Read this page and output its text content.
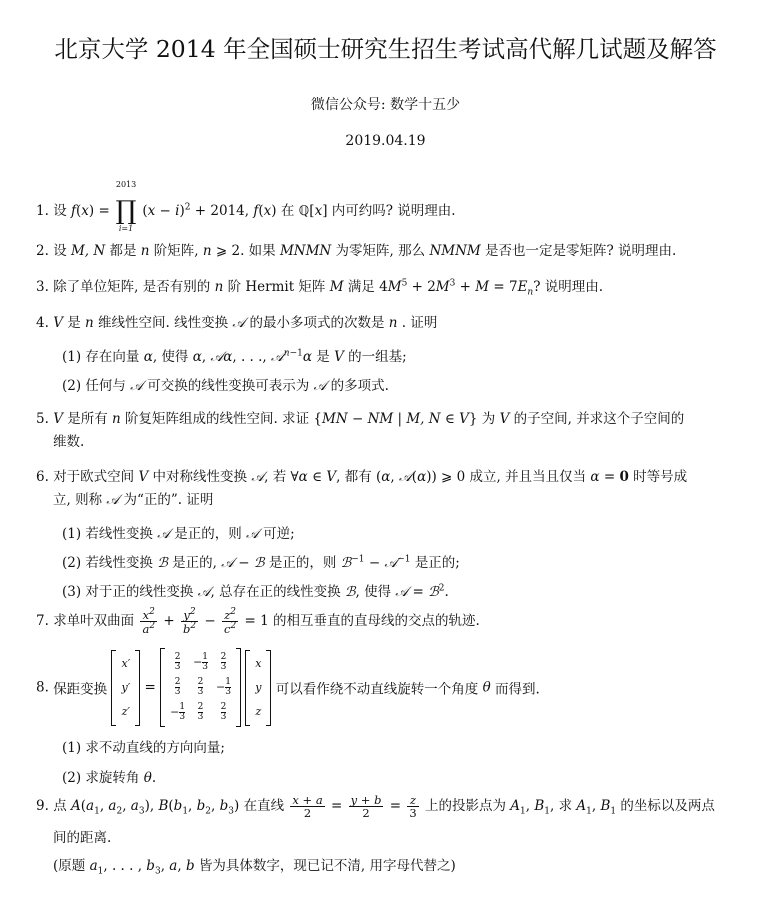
北京大学 2014 年全国硕士研究生招生考试高代解几试题及解答
微信公众号: 数学十五少
2019.04.19
1. 设 f(x) =
2013
∏
i=1
$(x - i)^2 + 2014$, f(x) 在 ℚ[x] 内可约吗? 说明理由.
2. 设 M, N 都是 n 阶矩阵, n ⩾ 2. 如果 MNMN 为零矩阵, 那么 NMNM 是否也一定是零矩阵? 说明理由.
3. 除了单位矩阵, 是否有别的 n 阶 Hermit 矩阵 M 满足 $4M^5 + 2M^3 + M = 7E_n$? 说明理由.
4. V 是 n 维线性空间. 线性变换 𝒜 的最小多项式的次数是 n . 证明
(1) 存在向量 α, 使得 α, 𝒜α, . . ., 𝒜$^{n-1}$α 是 V 的一组基;
(2) 任何与 𝒜 可交换的线性变换可表示为 𝒜 的多项式.
5. V 是所有 n 阶复矩阵组成的线性空间. 求证 {MN − NM | M, N ∈ V} 为 V 的子空间, 并求这个子空间的
维数.
6. 对于欧式空间 V 中对称线性变换 𝒜, 若 ∀α ∈ V, 都有 (α, 𝒜(α)) ⩾ 0 成立, 并且当且仅当 α = 0 时等号成
立, 则称 𝒜 为“正的”. 证明
(1) 若线性变换 𝒜 是正的，则 𝒜 可逆;
(2) 若线性变换 ℬ 是正的, 𝒜 − ℬ 是正的，则 ℬ$^{-1}$ − 𝒜$^{-1}$ 是正的;
(3) 对于正的线性变换 𝒜, 总存在正的线性变换 ℬ, 使得 𝒜 = ℬ$^2$.
7. 求单叶双曲面 $\frac{x^2}{a^2} + \frac{y^2}{b^2} - \frac{z^2}{c^2} = 1$ 的相互垂直的直母线的交点的轨迹.
8. 保距变换
x′
y′
z′
=
$\frac{2}{3}$	− $\frac{1}{3}$	$\frac{2}{3}$

$\frac{2}{3}$	$\frac{2}{3}$	− $\frac{1}{3}$
− $\frac{1}{3}$	$\frac{2}{3}$	$\frac{2}{3}$

x
y
z
可以看作绕不动直线旋转一个角度 θ 而得到.
(1) 求不动直线的方向向量;
(2) 求旋转角 θ.
9. 点 $A(a_1$, $a_2$, $a_3$), $B(b_1$, $b_2$, $b_3$) 在直线 $\frac{x + a}{2} = \frac{y + b}{2} = \frac{z}{3}$ 上的投影点为 $A_1$, $B_1$, 求 $A_1$, $B_1$ 的坐标以及两点
间的距离.
(原题 $a_1$, . . . , $b_3$, a, b 皆为具体数字，现已记不清, 用字母代替之)
